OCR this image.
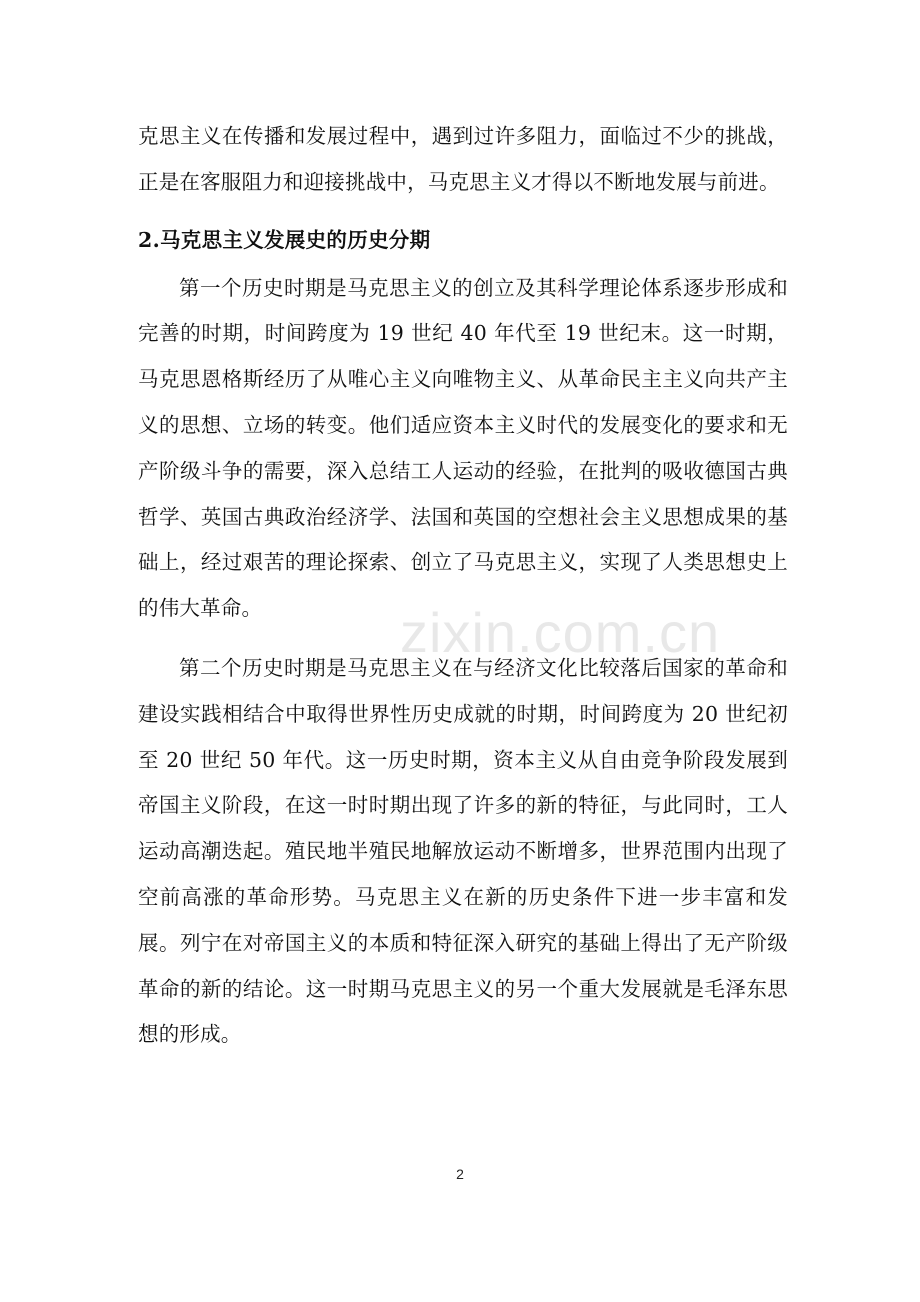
克思主义在传播和发展过程中，遇到过许多阻力，面临过不少的挑战，正是在客服阻力和迎接挑战中，马克思主义才得以不断地发展与前进。

2.马克思主义发展史的历史分期

第一个历史时期是马克思主义的创立及其科学理论体系逐步形成和完善的时期，时间跨度为 19 世纪 40 年代至 19 世纪末。这一时期，马克思恩格斯经历了从唯心主义向唯物主义、从革命民主主义向共产主义的思想、立场的转变。他们适应资本主义时代的发展变化的要求和无产阶级斗争的需要，深入总结工人运动的经验，在批判的吸收德国古典哲学、英国古典政治经济学、法国和英国的空想社会主义思想成果的基础上，经过艰苦的理论探索、创立了马克思主义，实现了人类思想史上的伟大革命。

第二个历史时期是马克思主义在与经济文化比较落后国家的革命和建设实践相结合中取得世界性历史成就的时期，时间跨度为 20 世纪初至 20 世纪 50 年代。这一历史时期，资本主义从自由竞争阶段发展到帝国主义阶段，在这一时时期出现了许多的新的特征，与此同时，工人运动高潮迭起。殖民地半殖民地解放运动不断增多，世界范围内出现了空前高涨的革命形势。马克思主义在新的历史条件下进一步丰富和发展。列宁在对帝国主义的本质和特征深入研究的基础上得出了无产阶级革命的新的结论。这一时期马克思主义的另一个重大发展就是毛泽东思想的形成。

zixin.com.cn
2
